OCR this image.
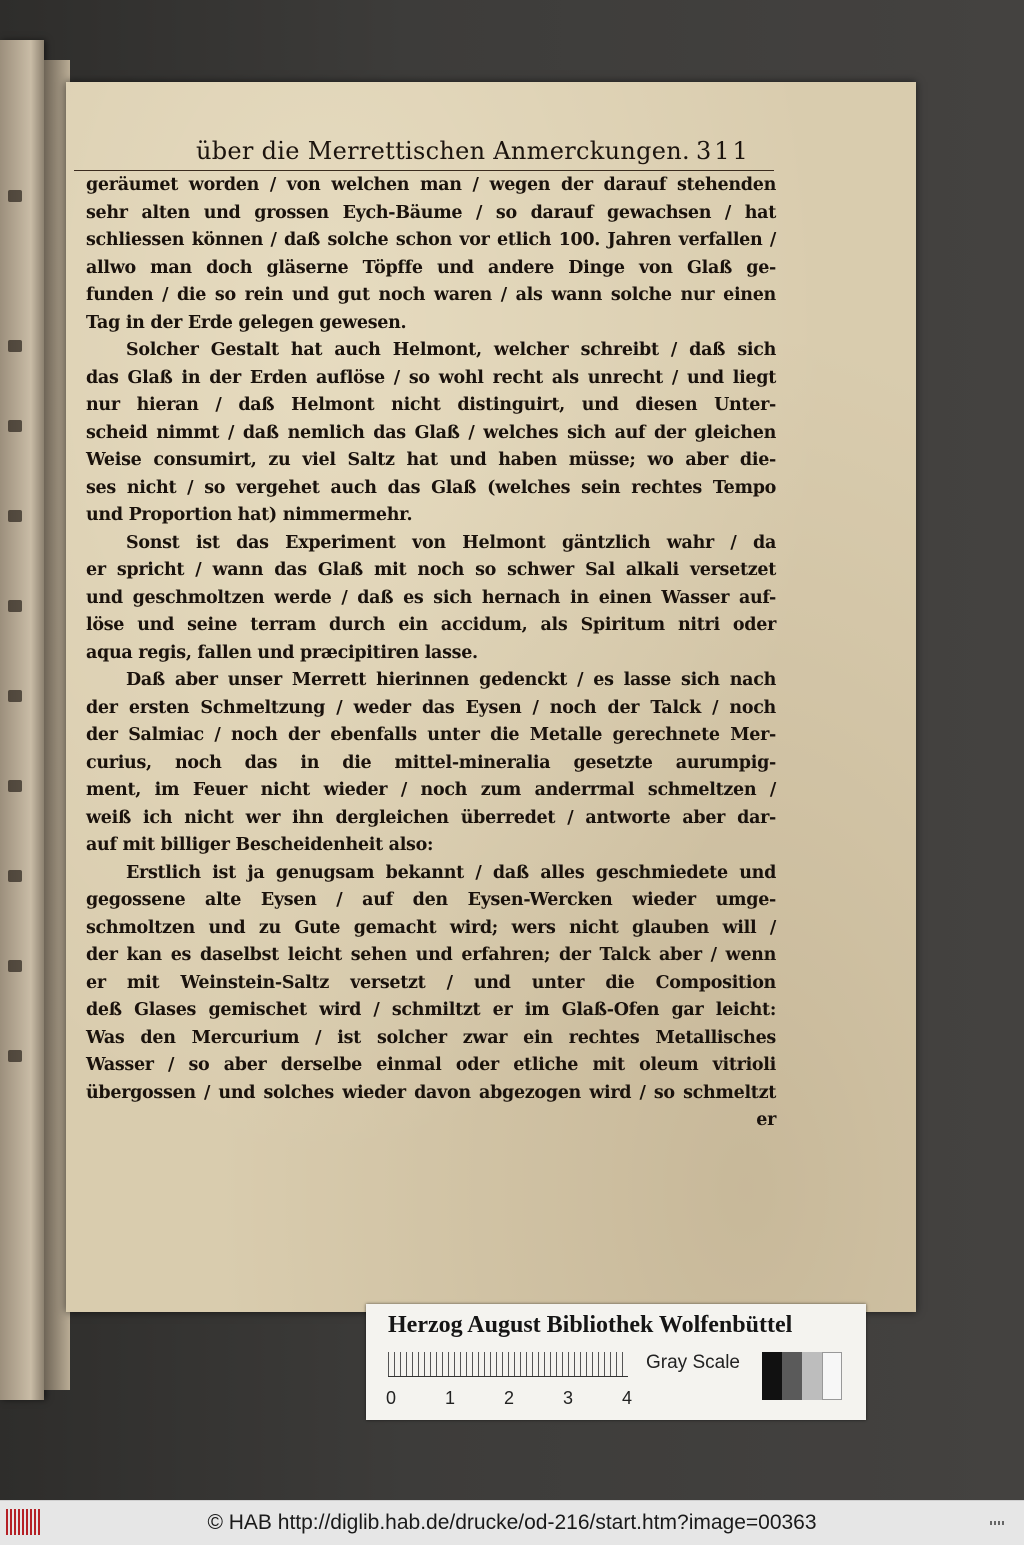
über die Merrettischen Anmerckungen. 311
geräumet worden / von welchen man / wegen der darauf stehenden
sehr alten und grossen Eych-Bäume / so darauf gewachsen / hat
schliessen können / daß solche schon vor etlich 100. Jahren verfallen /
allwo man doch gläserne Töpffe und andere Dinge von Glaß ge-
funden / die so rein und gut noch waren / als wann solche nur einen
Tag in der Erde gelegen gewesen.
Solcher Gestalt hat auch Helmont, welcher schreibt / daß sich
das Glaß in der Erden auflöse / so wohl recht als unrecht / und liegt
nur hieran / daß Helmont nicht distinguirt, und diesen Unter-
scheid nimmt / daß nemlich das Glaß / welches sich auf der gleichen
Weise consumirt, zu viel Saltz hat und haben müsse; wo aber die-
ses nicht / so vergehet auch das Glaß (welches sein rechtes Tempo
und Proportion hat) nimmermehr.
Sonst ist das Experiment von Helmont gäntzlich wahr / da
er spricht / wann das Glaß mit noch so schwer Sal alkali versetzet
und geschmoltzen werde / daß es sich hernach in einen Wasser auf-
löse und seine terram durch ein accidum, als Spiritum nitri oder
aqua regis, fallen und præcipitiren lasse.
Daß aber unser Merrett hierinnen gedenckt / es lasse sich nach
der ersten Schmeltzung / weder das Eysen / noch der Talck / noch
der Salmiac / noch der ebenfalls unter die Metalle gerechnete Mer-
curius, noch das in die mittel-mineralia gesetzte aurumpig-
ment, im Feuer nicht wieder / noch zum anderrmal schmeltzen /
weiß ich nicht wer ihn dergleichen überredet / antworte aber dar-
auf mit billiger Bescheidenheit also:
Erstlich ist ja genugsam bekannt / daß alles geschmiedete und
gegossene alte Eysen / auf den Eysen-Wercken wieder umge-
schmoltzen und zu Gute gemacht wird; wers nicht glauben will /
der kan es daselbst leicht sehen und erfahren; der Talck aber / wenn
er mit Weinstein-Saltz versetzt / und unter die Composition
deß Glases gemischet wird / schmiltzt er im Glaß-Ofen gar leicht:
Was den Mercurium / ist solcher zwar ein rechtes Metallisches
Wasser / so aber derselbe einmal oder etliche mit oleum vitrioli
übergossen / und solches wieder davon abgezogen wird / so schmeltzt
er
Herzog August Bibliothek Wolfenbüttel
0	1	2	3	4
Gray Scale
© HAB http://diglib.hab.de/drucke/od-216/start.htm?image=00363
